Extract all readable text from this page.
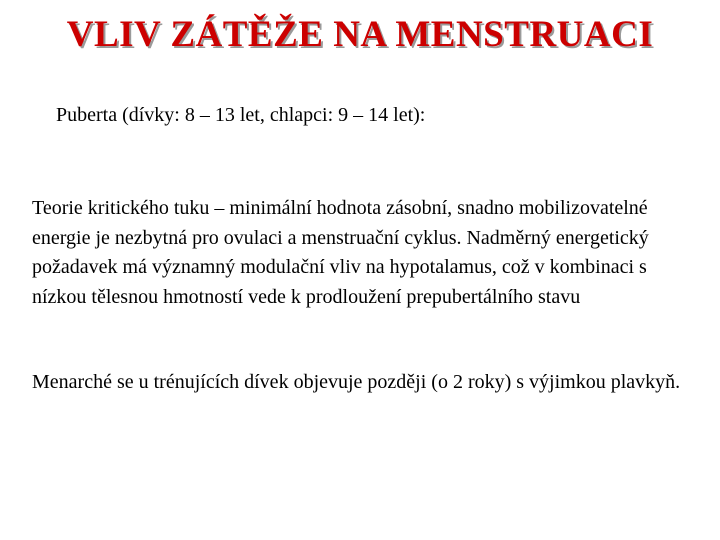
VLIV ZÁTĚŽE NA MENSTRUACI
Puberta (dívky: 8 – 13 let, chlapci: 9 – 14 let):
Teorie kritického tuku – minimální hodnota zásobní, snadno mobilizovatelné energie je nezbytná pro ovulaci a menstruační cyklus. Nadměrný energetický požadavek má významný modulační vliv na hypotalamus, což v kombinaci s nízkou tělesnou hmotností vede k prodloužení prepubertálního stavu
Menarché se u trénujících dívek objevuje později (o 2 roky) s výjimkou plavkyň.
